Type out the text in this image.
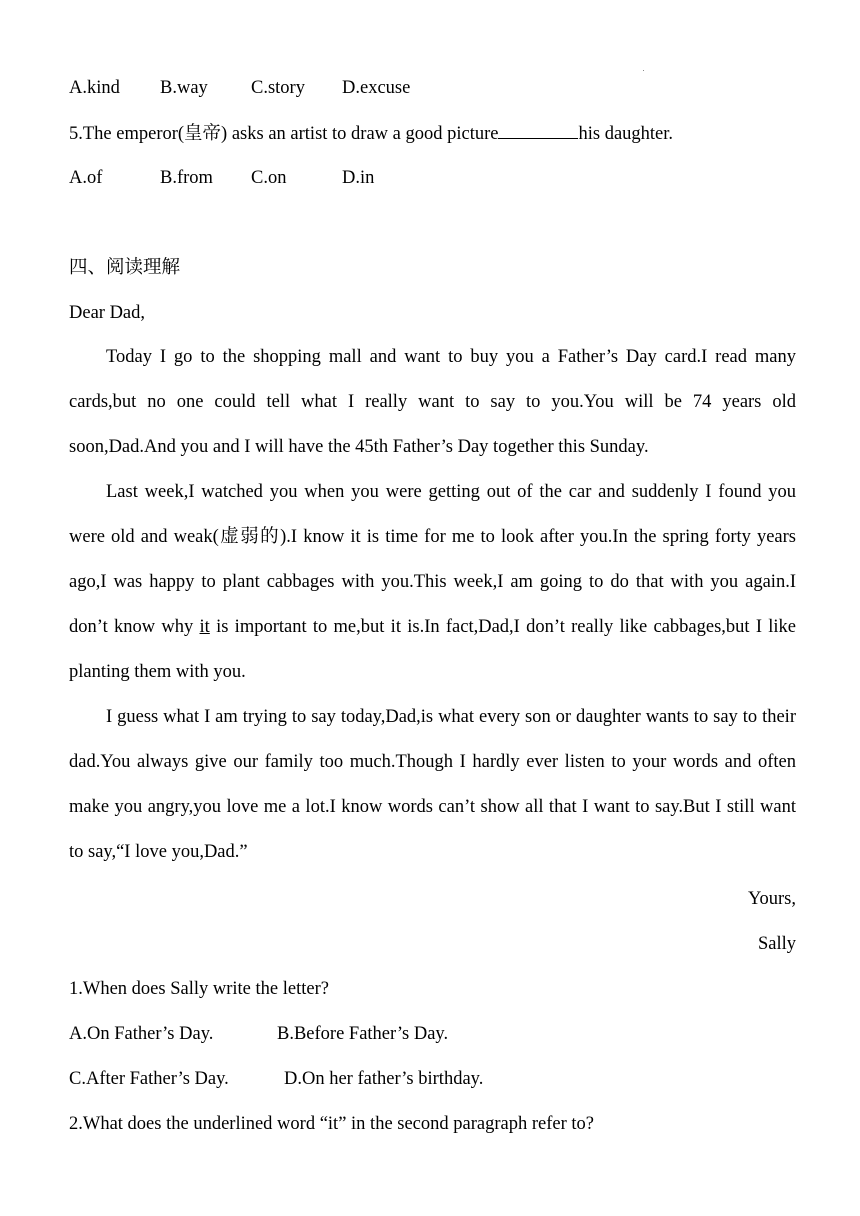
A.kind B.way C.story D.excuse
5.The emperor(皇帝) asks an artist to draw a good picture	his daughter.
A.of	B.from C.on	D.in
四、阅读理解
Dear Dad,

Today I go to the shopping mall and want to buy you a Father’s Day card.I read many cards,but no one could tell what I really want to say to you.You will be 74 years old soon,Dad.And you and I will have the 45th Father’s Day together this Sunday.

Last week,I watched you when you were getting out of the car and suddenly I found you were old and weak(虚弱的).I know it is time for me to look after you.In the spring forty years ago,I was happy to plant cabbages with you.This week,I am going to do that with you again.I don’t know why it is important to me,but it is.In fact,Dad,I don’t really like cabbages,but I like planting them with you.

I guess what I am trying to say today,Dad,is what every son or daughter wants to say to their dad.You always give our family too much.Though I hardly ever listen to your words and often make you angry,you love me a lot.I know words can’t show all that I want to say.But I still want to say,“I love you,Dad.”

Yours,
Sally
1.When does Sally write the letter?
A.On Father’s Day.	B.Before Father’s Day.
C.After Father’s Day.	D.On her father’s birthday.
2.What does the underlined word “it” in the second paragraph refer to?
